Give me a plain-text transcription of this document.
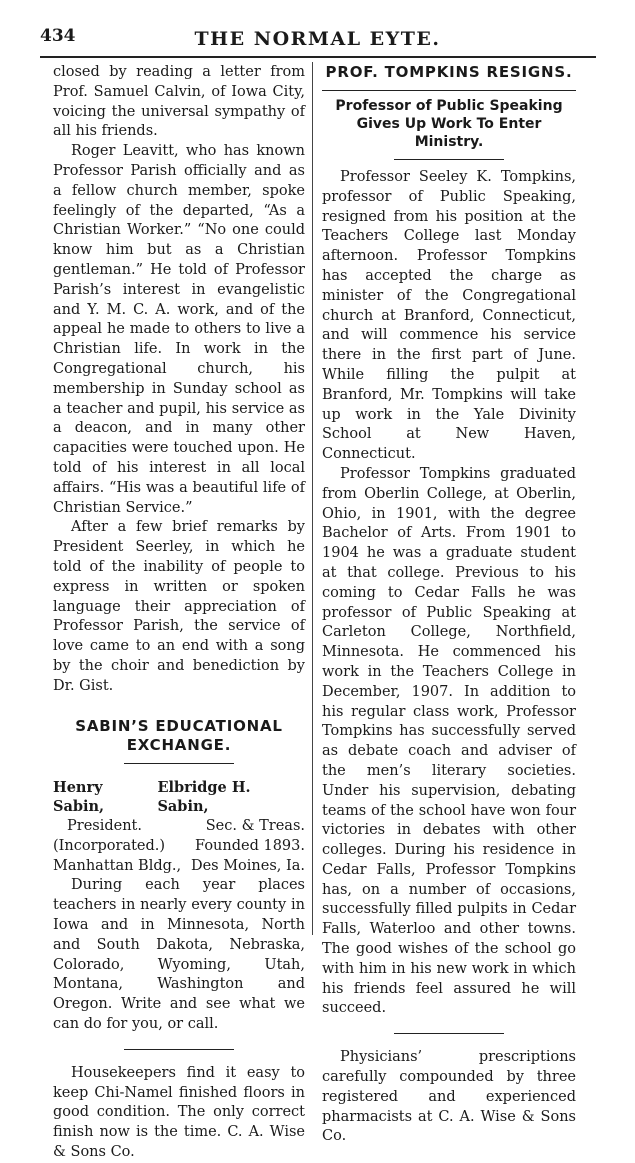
434	THE NORMAL EYTE.

closed by reading a letter from Prof. Samuel Calvin, of Iowa City, voicing the universal sympathy of all his friends.

Roger Leavitt, who has known Professor Parish officially and as a fellow church member, spoke feelingly of the departed, “As a Christian Worker.” “No one could know him but as a Christian gentleman.” He told of Professor Parish’s interest in evangelistic and Y. M. C. A. work, and of the appeal he made to others to live a Christian life. In work in the Congregational church, his membership in Sunday school as a teacher and pupil, his service as a deacon, and in many other capacities were touched upon. He told of his interest in all local affairs. “His was a beautiful life of Christian Service.”

After a few brief remarks by President Seerley, in which he told of the inability of people to express in written or spoken language their appreciation of Professor Parish, the service of love came to an end with a song by the choir and benediction by Dr. Gist.

SABIN’S EDUCATIONAL EXCHANGE.
Henry Sabin,
Elbridge H. Sabin,
President.	Sec. & Treas.
(Incorporated.) Founded 1893.
Manhattan Bldg., Des Moines, Ia.

During each year places teachers in nearly every county in Iowa and in Minnesota, North and South Dakota, Nebraska, Colorado, Wyoming, Utah, Montana, Washington and Oregon. Write and see what we can do for you, or call.

Housekeepers find it easy to keep Chi-Namel finished floors in good condition. The only correct finish now is the time. C. A. Wise & Sons Co.

PROF. TOMPKINS RESIGNS.
Professor of Public Speaking Gives Up Work To Enter Ministry.

Professor Seeley K. Tompkins, professor of Public Speaking, resigned from his position at the Teachers College last Monday afternoon. Professor Tompkins has accepted the charge as minister of the Congregational church at Branford, Connecticut, and will commence his service there in the first part of June. While filling the pulpit at Branford, Mr. Tompkins will take up work in the Yale Divinity School at New Haven, Connecticut.

Professor Tompkins graduated from Oberlin College, at Oberlin, Ohio, in 1901, with the degree Bachelor of Arts. From 1901 to 1904 he was a graduate student at that college. Previous to his coming to Cedar Falls he was professor of Public Speaking at Carleton College, Northfield, Minnesota. He commenced his work in the Teachers College in December, 1907. In addition to his regular class work, Professor Tompkins has successfully served as debate coach and adviser of the men’s literary societies. Under his supervision, debating teams of the school have won four victories in debates with other colleges. During his residence in Cedar Falls, Professor Tompkins has, on a number of occasions, successfully filled pulpits in Cedar Falls, Waterloo and other towns. The good wishes of the school go with him in his new work in which his friends feel assured he will succeed.

Physicians’ prescriptions carefully compounded by three registered and experienced pharmacists at C. A. Wise & Sons Co.
